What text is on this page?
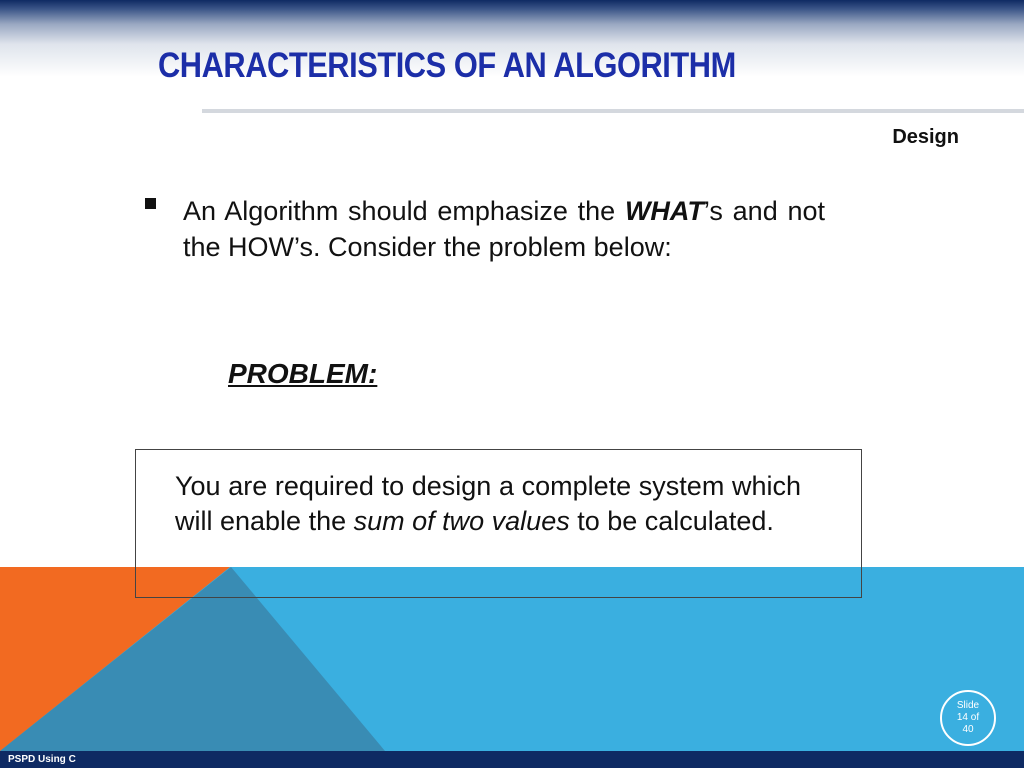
CHARACTERISTICS OF AN ALGORITHM
Design
An Algorithm should emphasize the WHAT’s and not the HOW’s. Consider the problem below:
PROBLEM:
You are required to design a complete system which will enable the sum of two values to be calculated.
PSPD Using C
Slide
14 of
40
